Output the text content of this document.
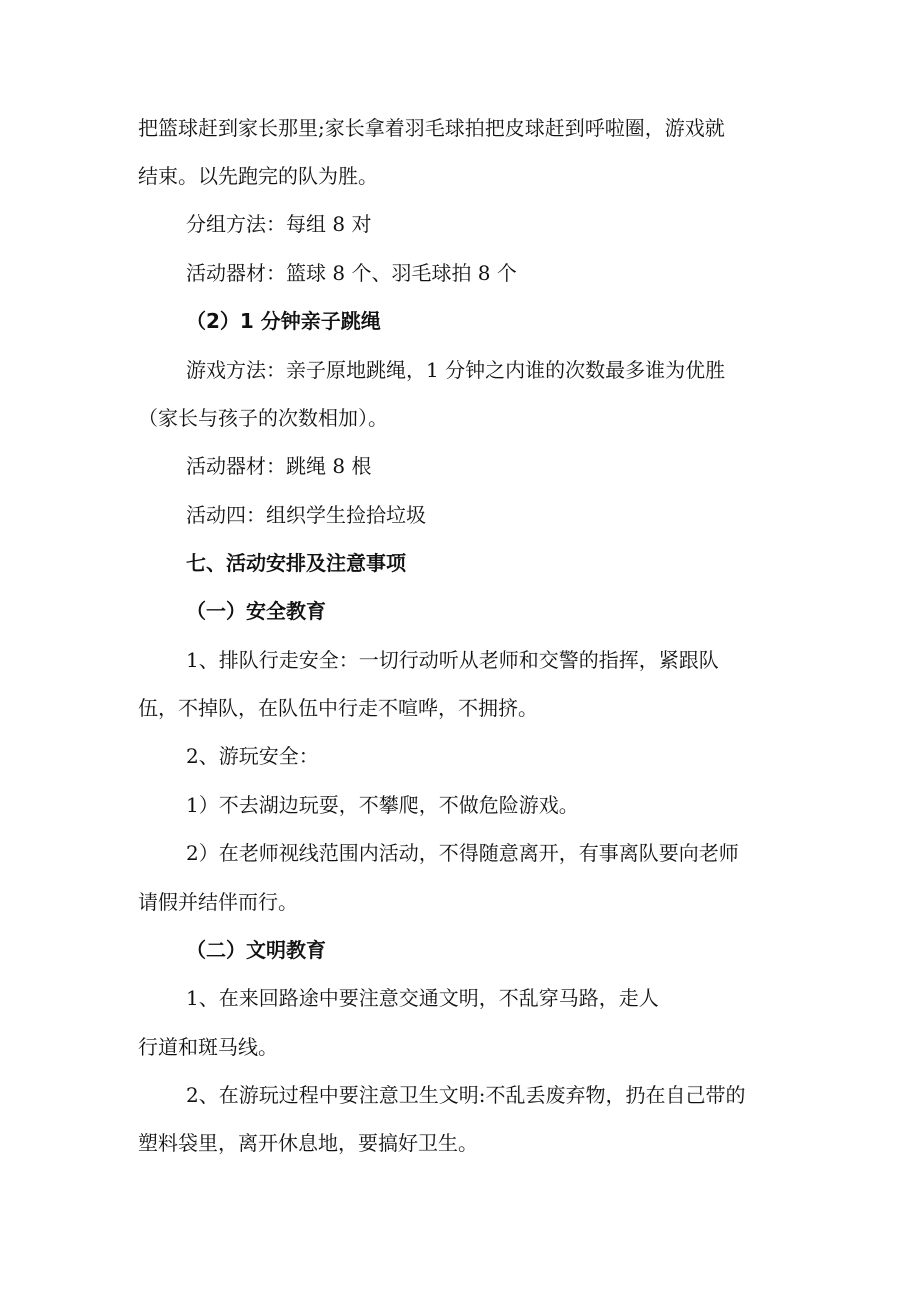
把篮球赶到家长那里;家长拿着羽毛球拍把皮球赶到呼啦圈，游戏就
结束。以先跑完的队为胜。
分组方法：每组 8 对
活动器材：篮球 8 个、羽毛球拍 8 个
（2）1 分钟亲子跳绳
游戏方法：亲子原地跳绳，1 分钟之内谁的次数最多谁为优胜
（家长与孩子的次数相加）。
活动器材：跳绳 8 根
活动四：组织学生捡拾垃圾
七、活动安排及注意事项
（一）安全教育
1、排队行走安全：一切行动听从老师和交警的指挥，紧跟队
伍，不掉队，在队伍中行走不喧哗，不拥挤。
2、游玩安全：
1）不去湖边玩耍，不攀爬，不做危险游戏。
2）在老师视线范围内活动，不得随意离开，有事离队要向老师
请假并结伴而行。
（二）文明教育
1、在来回路途中要注意交通文明，不乱穿马路，走人
行道和斑马线。
2、在游玩过程中要注意卫生文明:不乱丢废弃物，扔在自己带的
塑料袋里，离开休息地，要搞好卫生。
